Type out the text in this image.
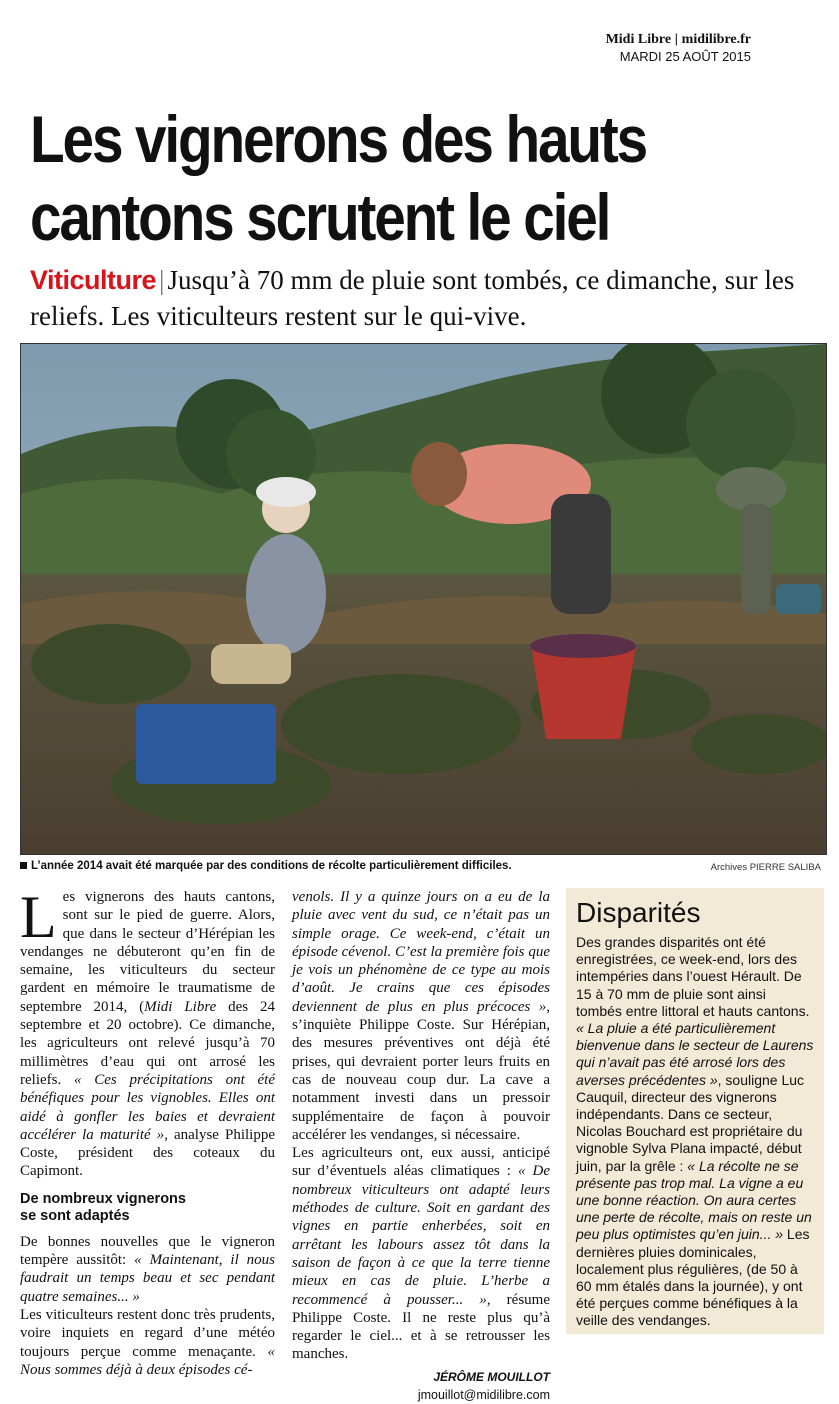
Midi Libre | midilibre.fr
MARDI 25 AOÛT 2015
Les vignerons des hauts
cantons scrutent le ciel
Viticulture | Jusqu’à 70 mm de pluie sont tombés, ce dimanche, sur les reliefs. Les viticulteurs restent sur le qui-vive.
L’année 2014 avait été marquée par des conditions de récolte particulièrement difficiles.	Archives PIERRE SALIBA

Les vignerons des hauts cantons, sont sur le pied de guerre. Alors, que dans le secteur d’Hérépian les vendanges ne débuteront qu’en fin de semaine, les viticulteurs du secteur gardent en mémoire le traumatisme de septembre 2014, (Midi Libre des 24 septembre et 20 octobre). Ce dimanche, les agriculteurs ont relevé jusqu’à 70 millimètres d’eau qui ont arrosé les reliefs. « Ces précipitations ont été bénéfiques pour les vignobles. Elles ont aidé à gonfler les baies et devraient accélérer la maturité », analyse Philippe Coste, président des coteaux du Capimont.

De nombreux vignerons
se sont adaptés

De bonnes nouvelles que le vigneron tempère aussitôt: « Maintenant, il nous faudrait un temps beau et sec pendant quatre semaines... »

Les viticulteurs restent donc très prudents, voire inquiets en regard d’une météo toujours perçue comme menaçante. « Nous sommes déjà à deux épisodes cé-

venols. Il y a quinze jours on a eu de la pluie avec vent du sud, ce n’était pas un simple orage. Ce week-end, c’était un épisode cévenol. C’est la première fois que je vois un phénomène de ce type au mois d’août. Je crains que ces épisodes deviennent de plus en plus précoces », s’inquiète Philippe Coste. Sur Hérépian, des mesures préventives ont déjà été prises, qui devraient porter leurs fruits en cas de nouveau coup dur. La cave a notamment investi dans un pressoir supplémentaire de façon à pouvoir accélérer les vendanges, si nécessaire.

Les agriculteurs ont, eux aussi, anticipé sur d’éventuels aléas climatiques : « De nombreux viticulteurs ont adapté leurs méthodes de culture. Soit en gardant des vignes en partie enherbées, soit en arrêtant les labours assez tôt dans la saison de façon à ce que la terre tienne mieux en cas de pluie. L’herbe a recommencé à pousser... », résume Philippe Coste. Il ne reste plus qu’à regarder le ciel... et à se retrousser les manches.

JÉRÔME MOUILLOT
jmouillot@midilibre.com
Disparités

Des grandes disparités ont été enregistrées, ce week-end, lors des intempéries dans l’ouest Hérault. De 15 à 70 mm de pluie sont ainsi tombés entre littoral et hauts cantons. « La pluie a été particulièrement bienvenue dans le secteur de Laurens qui n’avait pas été arrosé lors des averses précédentes », souligne Luc Cauquil, directeur des vignerons indépendants. Dans ce secteur, Nicolas Bouchard est propriétaire du vignoble Sylva Plana impacté, début juin, par la grêle : « La récolte ne se présente pas trop mal. La vigne a eu une bonne réaction. On aura certes une perte de récolte, mais on reste un peu plus optimistes qu’en juin... » Les dernières pluies dominicales, localement plus régulières, (de 50 à 60 mm étalés dans la journée), y ont été perçues comme bénéfiques à la veille des vendanges.
